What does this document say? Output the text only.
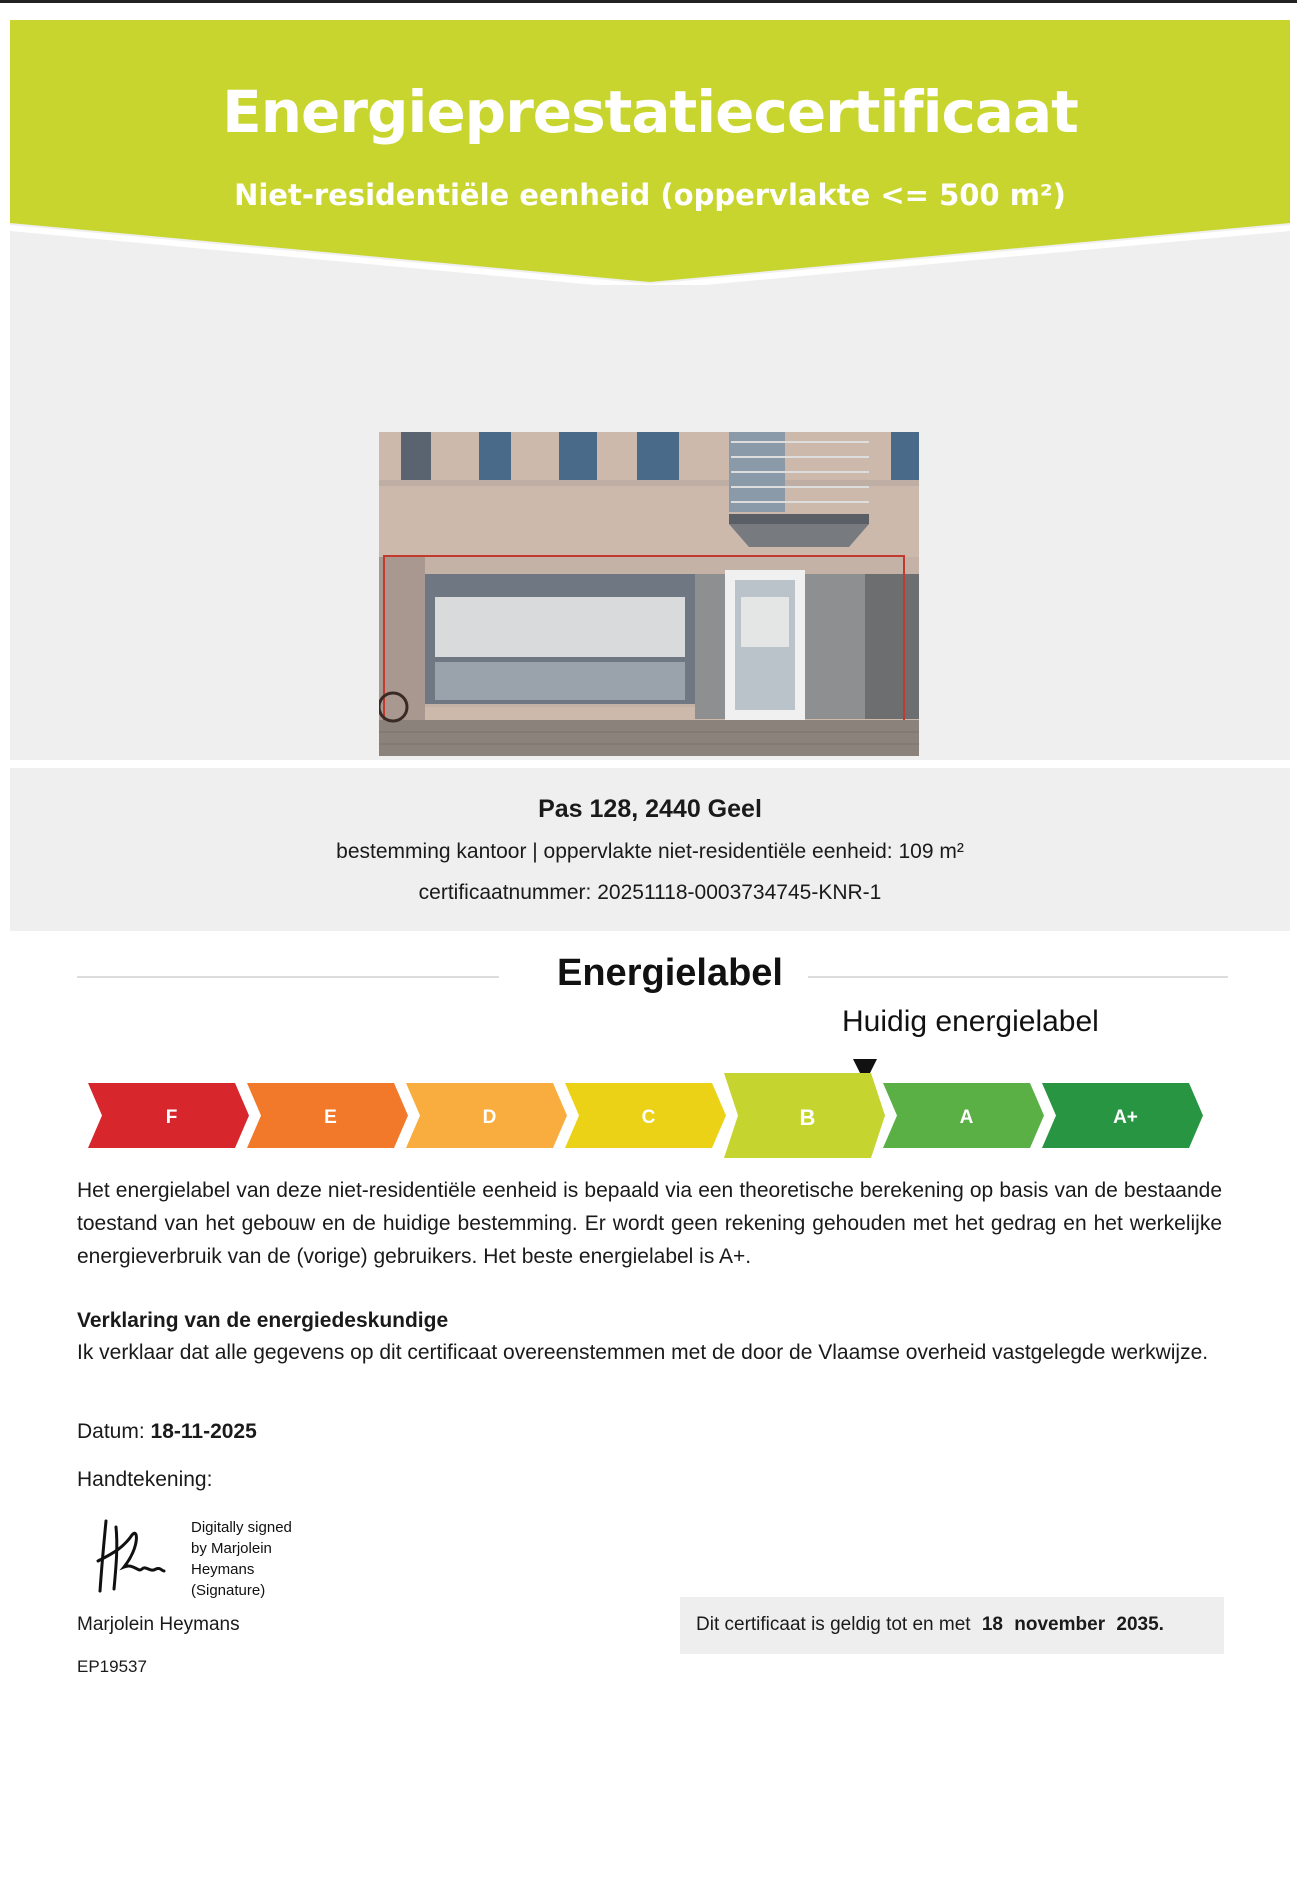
Energieprestatiecertificaat
Niet-residentiële eenheid (oppervlakte <= 500 m²)
Pas 128, 2440 Geel
bestemming kantoor | oppervlakte niet-residentiële eenheid: 109 m²
certificaatnummer: 20251118-0003734745-KNR-1
Energielabel
Huidig energielabel
F	E	D	C	B	A	A+
Het energielabel van deze niet-residentiële eenheid is bepaald via een theoretische berekening op basis van de bestaande toestand van het gebouw en de huidige bestemming. Er wordt geen rekening gehouden met het gedrag en het werkelijke energieverbruik van de (vorige) gebruikers. Het beste energielabel is A+.
Verklaring van de energiedeskundige
Ik verklaar dat alle gegevens op dit certificaat overeenstemmen met de door de Vlaamse overheid vastgelegde werkwijze.
Datum: 18-11-2025
Handtekening:
Digitally signed
by Marjolein
Heymans
(Signature)
Marjolein Heymans
EP19537
Dit certificaat is geldig tot en met 18 november 2035.
